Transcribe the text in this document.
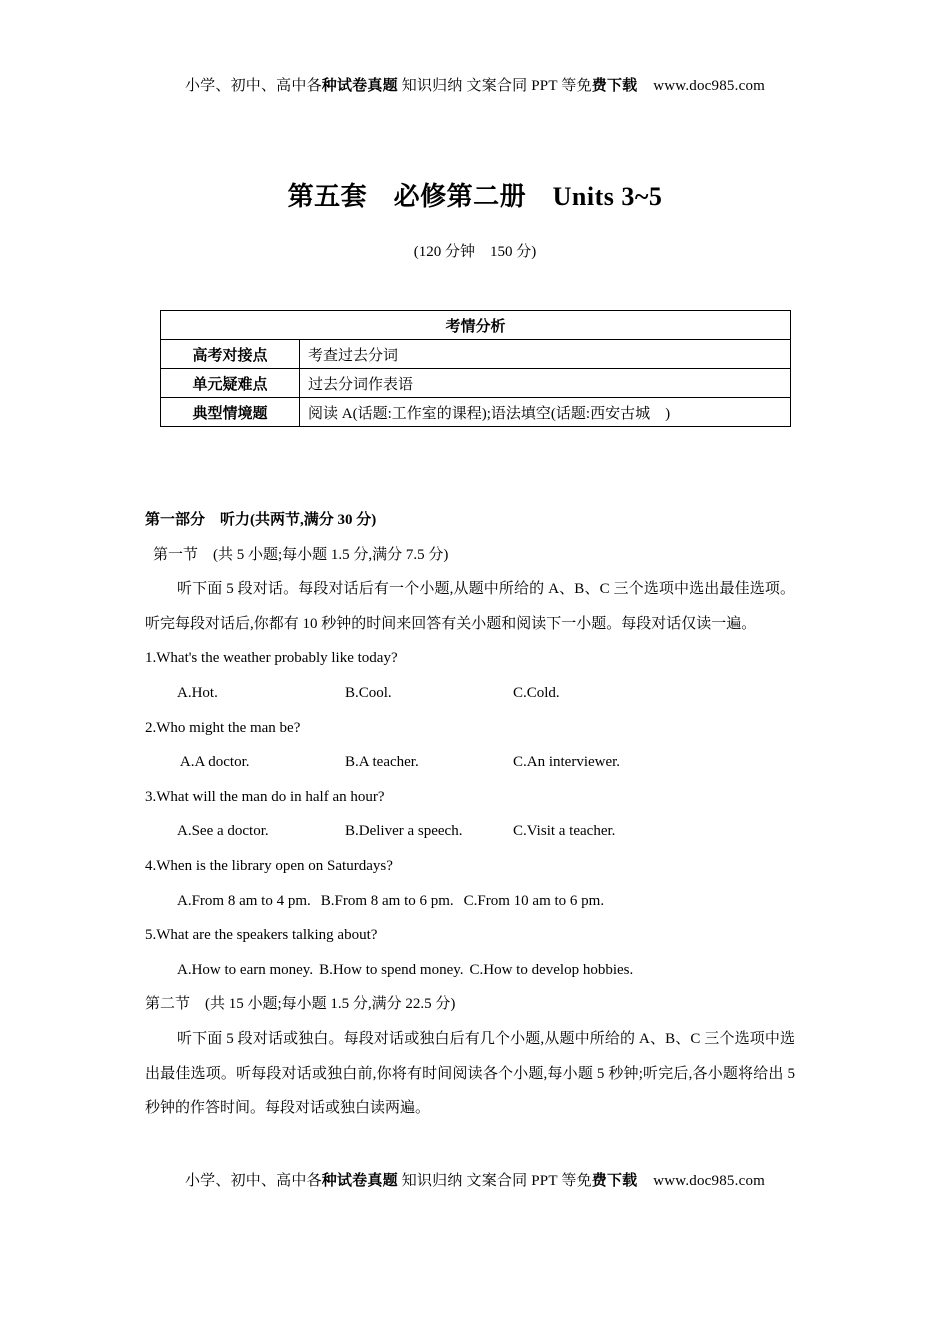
小学、初中、高中各种试卷真题 知识归纳 文案合同 PPT 等免费下载 www.doc985.com
第五套　必修第二册　Units 3~5
(120 分钟　150 分)
考情分析	
高考对接点	考查过去分词
单元疑难点	过去分词作表语
典型情境题	阅读 A(话题:工作室的课程);语法填空(话题:西安古城　)

第一部分　听力(共两节,满分 30 分)

第一节　(共 5 小题;每小题 1.5 分,满分 7.5 分)

听下面 5 段对话。每段对话后有一个小题,从题中所给的 A、B、C 三个选项中选出最佳选项。听完每段对话后,你都有 10 秒钟的时间来回答有关小题和阅读下一小题。每段对话仅读一遍。

1.What's the weather probably like today?

A.Hot.	B.Cool.	C.Cold.

2.Who might the man be?

A.A doctor.	B.A teacher.	C.An interviewer.

3.What will the man do in half an hour?

A.See a doctor.	B.Deliver a speech.	C.Visit a teacher.

4.When is the library open on Saturdays?

A.From 8 am to 4 pm. B.From 8 am to 6 pm. C.From 10 am to 6 pm.

5.What are the speakers talking about?

A.How to earn money. B.How to spend money. C.How to develop hobbies.

第二节　(共 15 小题;每小题 1.5 分,满分 22.5 分)

听下面 5 段对话或独白。每段对话或独白后有几个小题,从题中所给的 A、B、C 三个选项中选出最佳选项。听每段对话或独白前,你将有时间阅读各个小题,每小题 5 秒钟;听完后,各小题将给出 5 秒钟的作答时间。每段对话或独白读两遍。

小学、初中、高中各种试卷真题 知识归纳 文案合同 PPT 等免费下载 www.doc985.com
